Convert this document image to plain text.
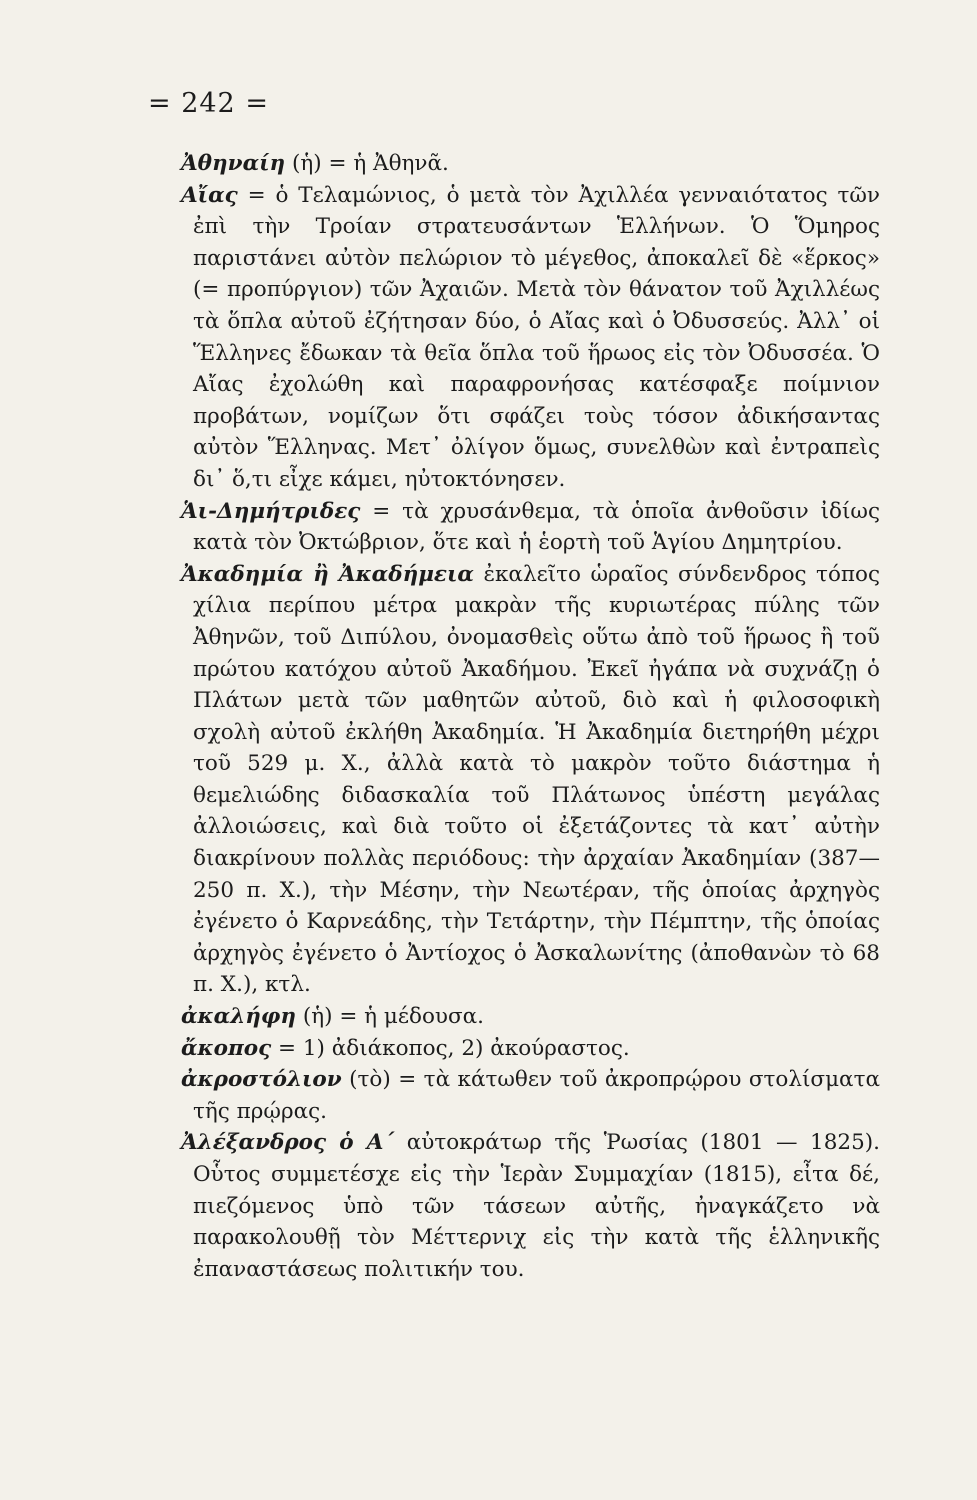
= 242 =

Ἀθηναίη (ἡ) = ἡ Ἀθηνᾶ.

Αἴας = ὁ Τελαμώνιος, ὁ μετὰ τὸν Ἀχιλλέα γενναιότατος τῶν ἐπὶ τὴν Τροίαν στρατευσάντων Ἑλλήνων. Ὁ Ὅμηρος παριστάνει αὐτὸν πελώριον τὸ μέγεθος, ἀποκαλεῖ δὲ «ἕρκος» (= προπύργιον) τῶν Ἀχαιῶν. Μετὰ τὸν θάνατον τοῦ Ἀχιλλέως τὰ ὅπλα αὐτοῦ ἐζήτησαν δύο, ὁ Αἴας καὶ ὁ Ὀδυσσεύς. Ἀλλ᾽ οἱ Ἕλληνες ἔδωκαν τὰ θεῖα ὅπλα τοῦ ἥρωος εἰς τὸν Ὀδυσσέα. Ὁ Αἴας ἐχολώθη καὶ παραφρονήσας κατέσφαξε ποίμνιον προβάτων, νομίζων ὅτι σφάζει τοὺς τόσον ἀδικήσαντας αὐτὸν Ἕλληνας. Μετ᾽ ὀλίγον ὅμως, συνελθὼν καὶ ἐντραπεὶς δι᾽ ὅ,τι εἶχε κάμει, ηὐτοκτόνησεν.

Ἁι-Δημήτριδες = τὰ χρυσάνθεμα, τὰ ὁποῖα ἀνθοῦσιν ἰδίως κατὰ τὸν Ὀκτώβριον, ὅτε καὶ ἡ ἑορτὴ τοῦ Ἁγίου Δημητρίου.

Ἀκαδημία ἢ Ἀκαδήμεια ἐκαλεῖτο ὡραῖος σύνδενδρος τόπος χίλια περίπου μέτρα μακρὰν τῆς κυριωτέρας πύλης τῶν Ἀθηνῶν, τοῦ Διπύλου, ὀνομασθεὶς οὕτω ἀπὸ τοῦ ἥρωος ἢ τοῦ πρώτου κατόχου αὐτοῦ Ἀκαδήμου. Ἐκεῖ ἠγάπα νὰ συχνάζῃ ὁ Πλάτων μετὰ τῶν μαθητῶν αὐτοῦ, διὸ καὶ ἡ φιλοσοφικὴ σχολὴ αὐτοῦ ἐκλήθη Ἀκαδημία. Ἡ Ἀκαδημία διετηρήθη μέχρι τοῦ 529 μ. Χ., ἀλλὰ κατὰ τὸ μακρὸν τοῦτο διάστημα ἡ θεμελιώδης διδασκαλία τοῦ Πλάτωνος ὑπέστη μεγάλας ἀλλοιώσεις, καὶ διὰ τοῦτο οἱ ἐξετάζοντες τὰ κατ᾽ αὐτὴν διακρίνουν πολλὰς περιόδους: τὴν ἀρχαίαν Ἀκαδημίαν (387—250 π. Χ.), τὴν Μέσην, τὴν Νεωτέραν, τῆς ὁποίας ἀρχηγὸς ἐγένετο ὁ Καρνεάδης, τὴν Τετάρτην, τὴν Πέμπτην, τῆς ὁποίας ἀρχηγὸς ἐγένετο ὁ Ἀντίοχος ὁ Ἀσκαλωνίτης (ἀποθανὼν τὸ 68 π. Χ.), κτλ.

ἀκαλήφη (ἡ) = ἡ μέδουσα.

ἄκοπος = 1) ἀδιάκοπος, 2) ἀκούραστος.

ἀκροστόλιον (τὸ) = τὰ κάτωθεν τοῦ ἀκροπρῴρου στολίσματα τῆς πρῴρας.

Ἀλέξανδρος ὁ Α΄ αὐτοκράτωρ τῆς Ῥωσίας (1801 — 1825). Οὗτος συμμετέσχε εἰς τὴν Ἱερὰν Συμμαχίαν (1815), εἶτα δέ, πιεζόμενος ὑπὸ τῶν τάσεων αὐτῆς, ἠναγκάζετο νὰ παρακολουθῇ τὸν Μέττερνιχ εἰς τὴν κατὰ τῆς ἑλληνικῆς ἐπαναστάσεως πολιτικήν του.
